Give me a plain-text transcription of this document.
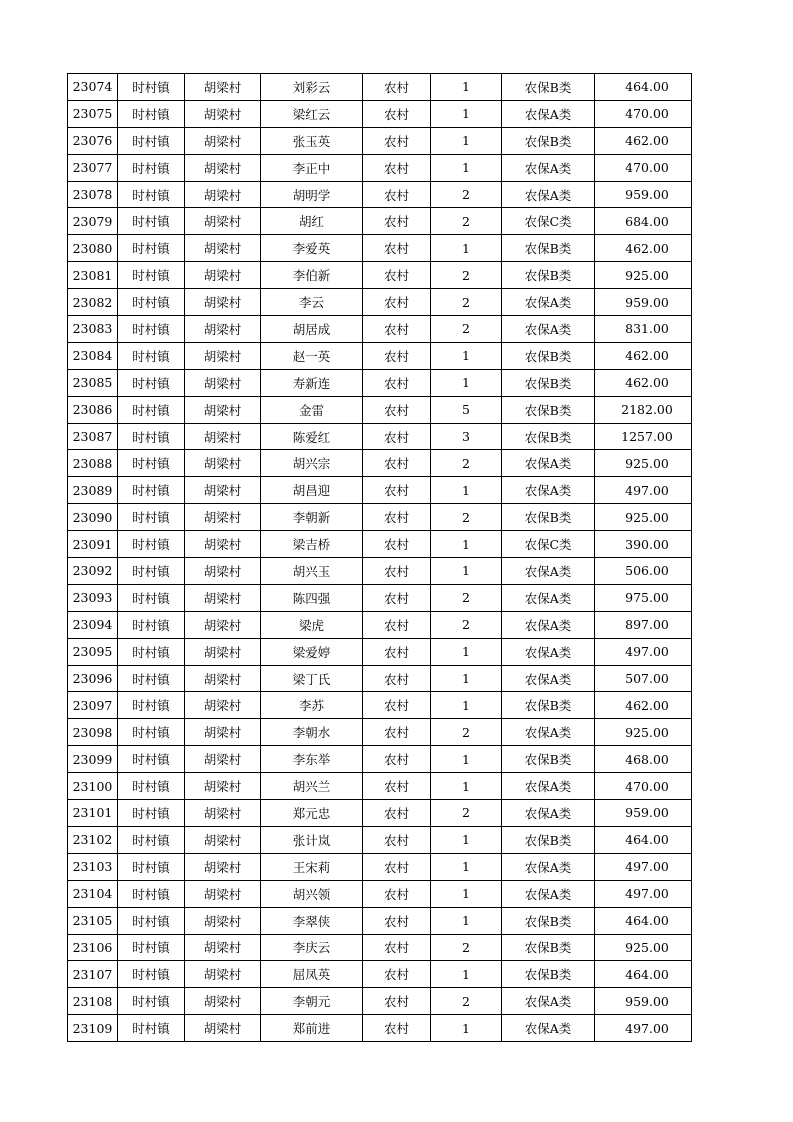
23074	时村镇	胡梁村	刘彩云	农村	1	农保B类	464.00
23075	时村镇	胡梁村	梁红云	农村	1	农保A类	470.00
23076	时村镇	胡梁村	张玉英	农村	1	农保B类	462.00
23077	时村镇	胡梁村	李正中	农村	1	农保A类	470.00
23078	时村镇	胡梁村	胡明学	农村	2	农保A类	959.00
23079	时村镇	胡梁村	胡红	农村	2	农保C类	684.00
23080	时村镇	胡梁村	李爱英	农村	1	农保B类	462.00
23081	时村镇	胡梁村	李伯新	农村	2	农保B类	925.00
23082	时村镇	胡梁村	李云	农村	2	农保A类	959.00
23083	时村镇	胡梁村	胡居成	农村	2	农保A类	831.00
23084	时村镇	胡梁村	赵一英	农村	1	农保B类	462.00
23085	时村镇	胡梁村	寿新连	农村	1	农保B类	462.00
23086	时村镇	胡梁村	金雷	农村	5	农保B类	2182.00
23087	时村镇	胡梁村	陈爱红	农村	3	农保B类	1257.00
23088	时村镇	胡梁村	胡兴宗	农村	2	农保A类	925.00
23089	时村镇	胡梁村	胡昌迎	农村	1	农保A类	497.00
23090	时村镇	胡梁村	李朝新	农村	2	农保B类	925.00
23091	时村镇	胡梁村	梁吉桥	农村	1	农保C类	390.00
23092	时村镇	胡梁村	胡兴玉	农村	1	农保A类	506.00
23093	时村镇	胡梁村	陈四强	农村	2	农保A类	975.00
23094	时村镇	胡梁村	梁虎	农村	2	农保A类	897.00
23095	时村镇	胡梁村	梁爱婷	农村	1	农保A类	497.00
23096	时村镇	胡梁村	梁丁氏	农村	1	农保A类	507.00
23097	时村镇	胡梁村	李苏	农村	1	农保B类	462.00
23098	时村镇	胡梁村	李朝水	农村	2	农保A类	925.00
23099	时村镇	胡梁村	李东举	农村	1	农保B类	468.00
23100	时村镇	胡梁村	胡兴兰	农村	1	农保A类	470.00
23101	时村镇	胡梁村	郑元忠	农村	2	农保A类	959.00
23102	时村镇	胡梁村	张计岚	农村	1	农保B类	464.00
23103	时村镇	胡梁村	王宋莉	农村	1	农保A类	497.00
23104	时村镇	胡梁村	胡兴领	农村	1	农保A类	497.00
23105	时村镇	胡梁村	李翠侠	农村	1	农保B类	464.00
23106	时村镇	胡梁村	李庆云	农村	2	农保B类	925.00
23107	时村镇	胡梁村	屈凤英	农村	1	农保B类	464.00
23108	时村镇	胡梁村	李朝元	农村	2	农保A类	959.00
23109	时村镇	胡梁村	郑前进	农村	1	农保A类	497.00
